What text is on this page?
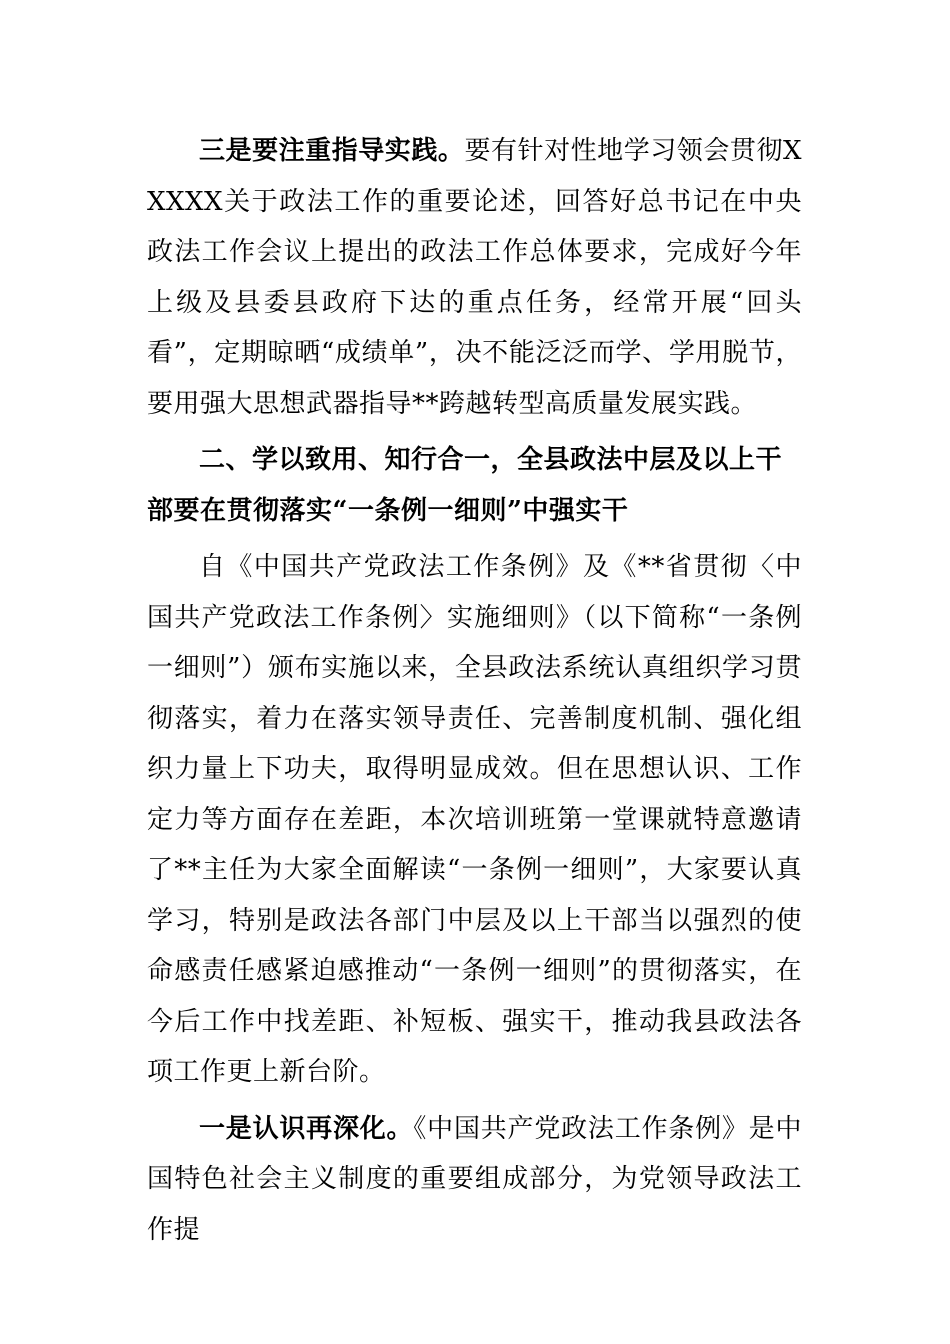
三是要注重指导实践。要有针对性地学习领会贯彻XXXXX关于政法工作的重要论述，回答好总书记在中央政法工作会议上提出的政法工作总体要求，完成好今年上级及县委县政府下达的重点任务，经常开展“回头看”，定期晾晒“成绩单”，决不能泛泛而学、学用脱节，要用强大思想武器指导**跨越转型高质量发展实践。

二、学以致用、知行合一，全县政法中层及以上干部要在贯彻落实“一条例一细则”中强实干

自《中国共产党政法工作条例》及《**省贯彻〈中国共产党政法工作条例〉实施细则》（以下简称“一条例一细则”）颁布实施以来，全县政法系统认真组织学习贯彻落实，着力在落实领导责任、完善制度机制、强化组织力量上下功夫，取得明显成效。但在思想认识、工作定力等方面存在差距，本次培训班第一堂课就特意邀请了**主任为大家全面解读“一条例一细则”，大家要认真学习，特别是政法各部门中层及以上干部当以强烈的使命感责任感紧迫感推动“一条例一细则”的贯彻落实，在今后工作中找差距、补短板、强实干，推动我县政法各项工作更上新台阶。

一是认识再深化。《中国共产党政法工作条例》是中国特色社会主义制度的重要组成部分，为党领导政法工作提
